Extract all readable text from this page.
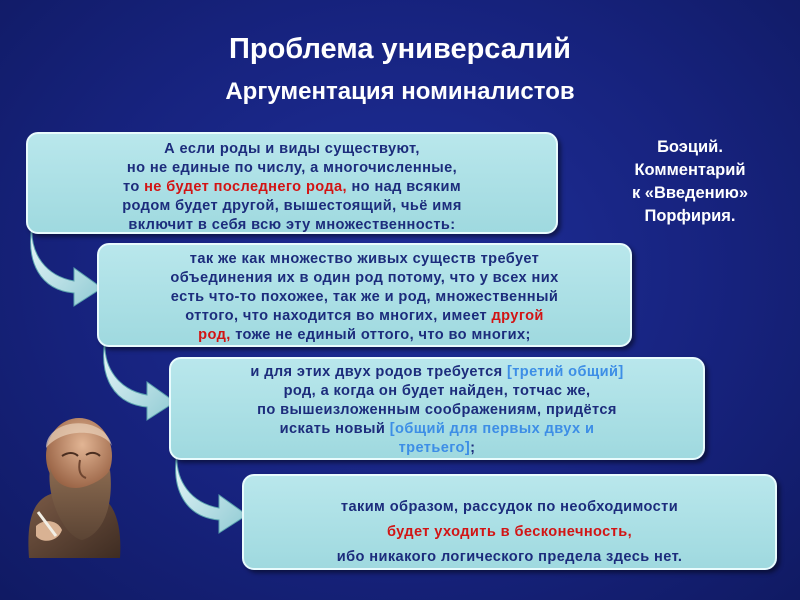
Проблема универсалий
Аргументация номиналистов

Боэций.

Комментарий

к «Введению»

Порфирия.

А если роды и виды существуют,

но не единые по числу, а многочисленные,

то не будет последнего рода, но над всяким

родом будет другой, вышестоящий, чьё имя

включит в себя всю эту множественность:

так же как множество живых существ требует

объединения их в один род потому, что у всех них

есть что-то похожее, так же и род, множественный

оттого, что находится во многих, имеет другой

род, тоже не единый оттого, что во многих;

и для этих двух родов требуется [третий общий]

род, а когда он будет найден, тотчас же,

по вышеизложенным соображениям, придётся

искать новый [общий для первых двух и

третьего];

таким образом, рассудок по необходимости

будет уходить в бесконечность,

ибо никакого логического предела здесь нет.
